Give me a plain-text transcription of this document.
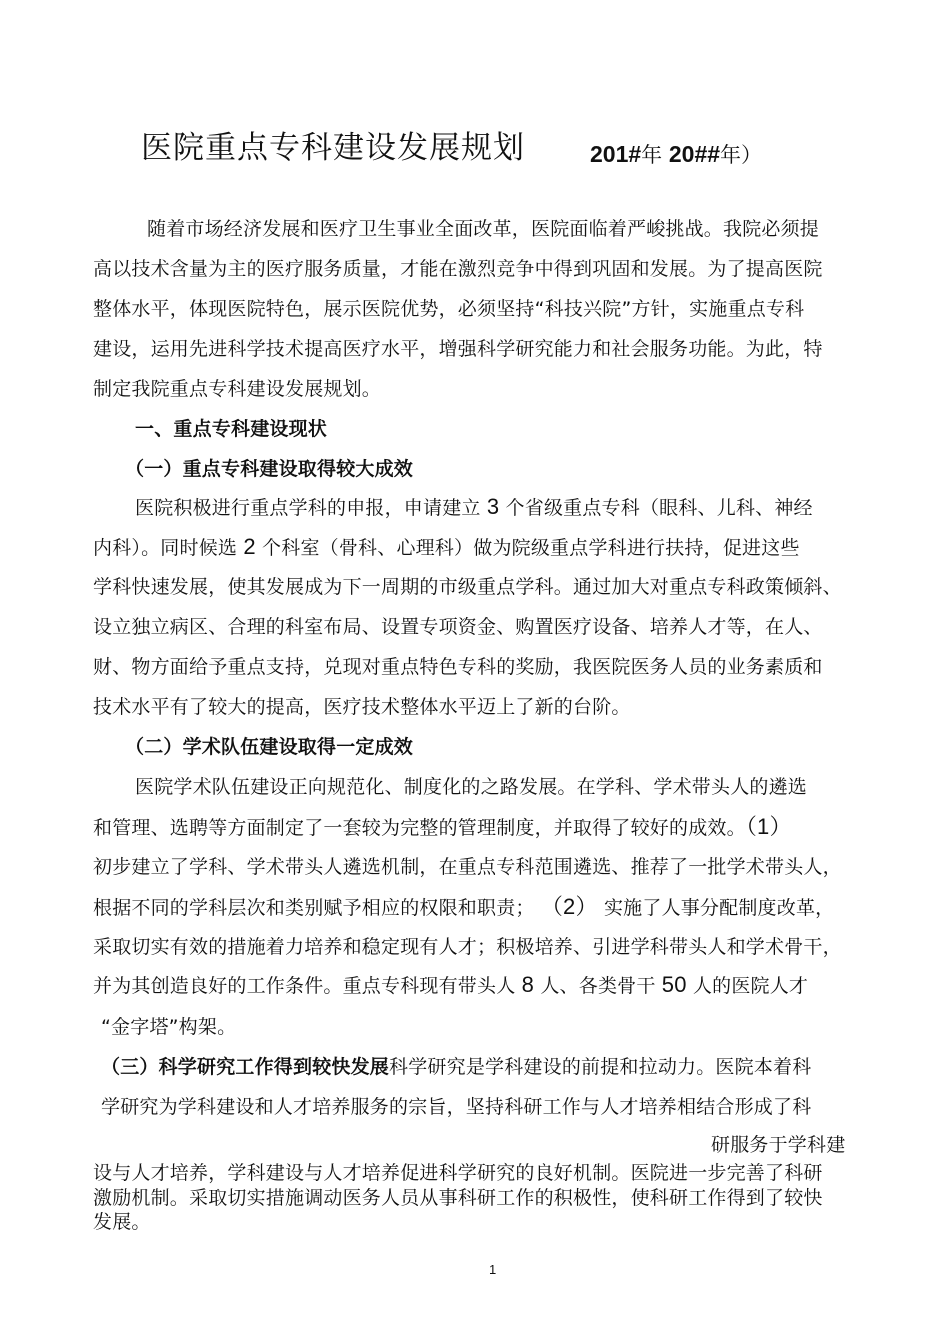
医院重点专科建设发展规划	201#年 20##年）
随着市场经济发展和医疗卫生事业全面改革，医院面临着严峻挑战。我院必须提
高以技术含量为主的医疗服务质量，才能在激烈竞争中得到巩固和发展。为了提高医院
整体水平，体现医院特色，展示医院优势，必须坚持“科技兴院”方针，实施重点专科
建设，运用先进科学技术提高医疗水平，增强科学研究能力和社会服务功能。为此，特
制定我院重点专科建设发展规划。
一、重点专科建设现状
（一）重点专科建设取得较大成效
医院积极进行重点学科的申报，申请建立 3 个省级重点专科（眼科、儿科、神经
内科）。同时候选 2 个科室（骨科、心理科）做为院级重点学科进行扶持，促进这些
学科快速发展，使其发展成为下一周期的市级重点学科。通过加大对重点专科政策倾斜、
设立独立病区、合理的科室布局、设置专项资金、购置医疗设备、培养人才等，在人、
财、物方面给予重点支持，兑现对重点特色专科的奖励，我医院医务人员的业务素质和
技术水平有了较大的提高，医疗技术整体水平迈上了新的台阶。
（二）学术队伍建设取得一定成效
医院学术队伍建设正向规范化、制度化的之路发展。在学科、学术带头人的遴选
和管理、选聘等方面制定了一套较为完整的管理制度，并取得了较好的成效。（1）
初步建立了学科、学术带头人遴选机制，在重点专科范围遴选、推荐了一批学术带头人，
根据不同的学科层次和类别赋予相应的权限和职责； （2） 实施了人事分配制度改革，
采取切实有效的措施着力培养和稳定现有人才；积极培养、引进学科带头人和学术骨干，
并为其创造良好的工作条件。重点专科现有带头人 8 人、各类骨干 50 人的医院人才
“金字塔”构架。
（三）科学研究工作得到较快发展科学研究是学科建设的前提和拉动力。医院本着科
学研究为学科建设和人才培养服务的宗旨，坚持科研工作与人才培养相结合形成了科
研服务于学科建
设与人才培养，学科建设与人才培养促进科学研究的良好机制。医院进一步完善了科研
激励机制。采取切实措施调动医务人员从事科研工作的积极性，使科研工作得到了较快
发展。
1
